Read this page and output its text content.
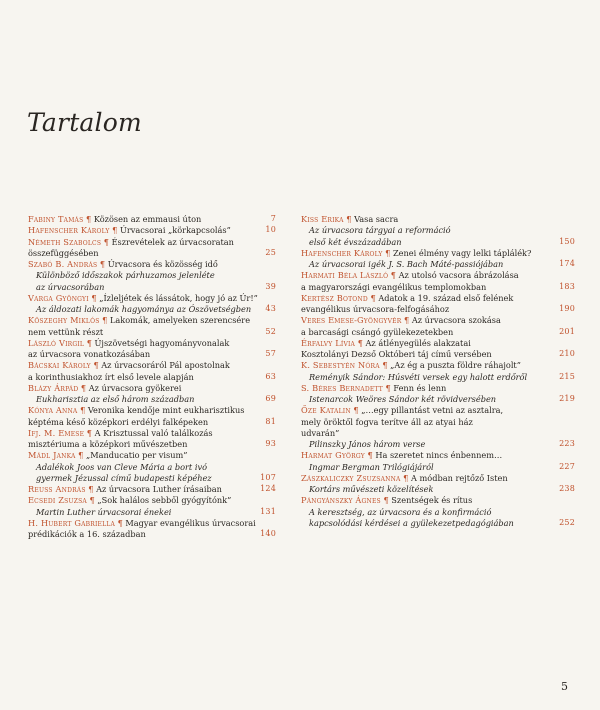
Tartalom
Fabiny Tamás ¶ Közösen az emmausi úton	7
Hafenscher Károly ¶ Úrvacsorai „körkapcsolás”	10
Németh Szabolcs ¶ Észrevételek az úrvacsoratan
összefüggésében	25
Szabó B. András ¶ Úrvacsora és közösség idő
Különböző időszakok párhuzamos jelenléte
az úrvacsorában	39
Varga Gyöngyi ¶ „Ízleljétek és lássátok, hogy jó az Úr!”
Az áldozati lakomák hagyománya az Ószövetségben	43
Köszeghy Miklós ¶ Lakomák, amelyeken szerencsére
nem vettünk részt	52
László Virgil ¶ Újszövetségi hagyományvonalak
az úrvacsora vonatkozásában	57
Bácskai Károly ¶ Az úrvacsoráról Pál apostolnak
a korinthusiakhoz írt első levele alapján	63
Blázy Árpád ¶ Az úrvacsora gyökerei
Eukharisztia az első három században	69
Kónya Anna ¶ Veronika kendője mint eukharisztikus
képtéma késő középkori erdélyi falképeken	81
Ifj. M. Emese ¶ A Krisztussal való találkozás
misztériuma a középkori művészetben	93
Mádl Janka ¶ „Manducatio per visum”
Adalékok Joos van Cleve Mária a bort ivó
gyermek Jézussal című budapesti képéhez	107
Reuss András ¶ Az úrvacsora Luther írásaiban	124
Ecsedi Zsuzsa ¶ „Sok halálos sebből gyógyítónk”
Martin Luther úrvacsorai énekei	131
H. Hubert Gabriella ¶ Magyar evangélikus úrvacsorai
prédikációk a 16. században	140
Kiss Erika ¶ Vasa sacra
Az úrvacsora tárgyai a reformáció
első két évszázadában	150
Hafenscher Károly ¶ Zenei élmény vagy lelki táplálék?
Az úrvacsorai igék J. S. Bach Máté-passiójában	174
Harmati Béla László ¶ Az utolsó vacsora ábrázolása
a magyarországi evangélikus templomokban	183
Kertész Botond ¶ Adatok a 19. század első felének
evangélikus úrvacsora-felfogásához	190
Veres Emese-Gyöngyvér ¶ Az úrvacsora szokása
a barcasági csángó gyülekezetekben	201
Érfalvy Lívia ¶ Az átlényegülés alakzatai
Kosztolányi Dezső Októberi táj című versében	210
K. Sebestyén Nóra ¶ „Az ég a puszta földre ráhajolt”
Reményik Sándor: Húsvéti versek egy halott erdőről	215
S. Béres Bernadett ¶ Fenn és lenn
Istenarcok Weöres Sándor két rövidversében	219
Őze Katalin ¶ „…egy pillantást vetni az asztalra,
mely öröktől fogva terítve áll az atyai ház
udvarán”
Pilinszky János három verse	223
Harmat György ¶ Ha szeretet nincs énbennem…
Ingmar Bergman Trilógiájáról	227
Zászkaliczky Zsuzsanna ¶ A módban rejtőző Isten
Kortárs művészeti közelítések	238
Pángyánszky Ágnes ¶ Szentségek és rítus
A keresztség, az úrvacsora és a konfirmáció
kapcsolódási kérdései a gyülekezetpedagógiában	252
5
